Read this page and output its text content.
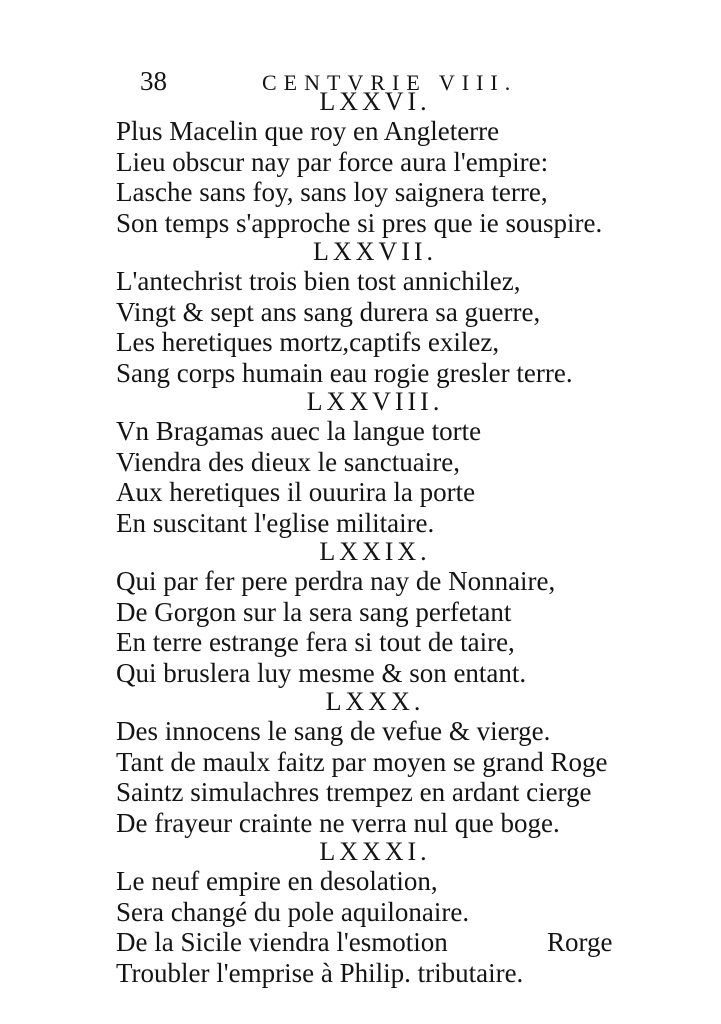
38	CENTVRIE VIII.
LXXVI.
Plus Macelin que roy en Angleterre
Lieu obscur nay par force aura l'empire:
Lasche sans foy, sans loy saignera terre,
Son temps s'approche si pres que ie souspire.
LXXVII.
L'antechrist trois bien tost annichilez,
Vingt & sept ans sang durera sa guerre,
Les heretiques mortz,captifs exilez,
Sang corps humain eau rogie gresler terre.
LXXVIII.
Vn Bragamas auec la langue torte
Viendra des dieux le sanctuaire,
Aux heretiques il ouurira la porte
En suscitant l'eglise militaire.
LXXIX.
Qui par fer pere perdra nay de Nonnaire,
De Gorgon sur la sera sang perfetant
En terre estrange fera si tout de taire,
Qui bruslera luy mesme & son entant.
LXXX.
Des innocens le sang de vefue & vierge.
Tant de maulx faitz par moyen se grand Roge
Saintz simulachres trempez en ardant cierge
De frayeur crainte ne verra nul que boge.
LXXXI.
Le neuf empire en desolation,
Sera changé du pole aquilonaire.
De la Sicile viendra l'esmotion
Troubler l'emprise à Philip. tributaire.
Rorge
